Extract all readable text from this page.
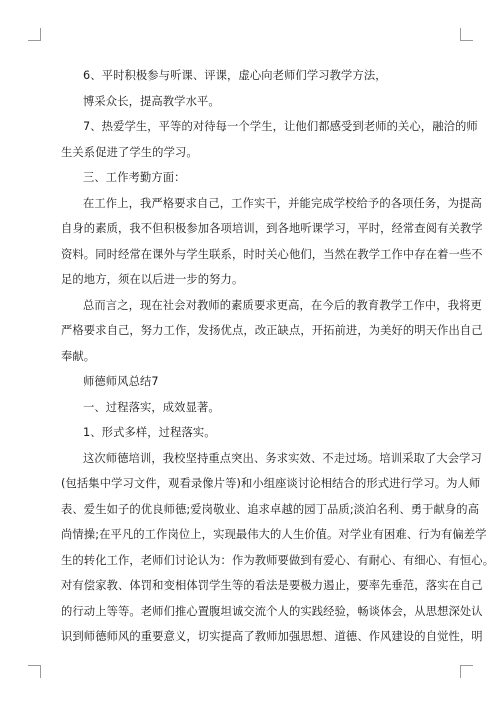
6、平时积极参与听课、评课，虚心向老师们学习教学方法，

博采众长，提高教学水平。

7、热爱学生，平等的对待每一个学生，让他们都感受到老师的关心，融洽的师
生关系促进了学生的学习。

三、工作考勤方面：

在工作上，我严格要求自己，工作实干，并能完成学校给予的各项任务，为提高
自身的素质，我不但积极参加各项培训，到各地听课学习，平时，经常查阅有关教学
资料。同时经常在课外与学生联系，时时关心他们，当然在教学工作中存在着一些不
足的地方，须在以后进一步的努力。

总而言之，现在社会对教师的素质要求更高，在今后的教育教学工作中，我将更
严格要求自己，努力工作，发扬优点，改正缺点，开拓前进，为美好的明天作出自己
奉献。

师德师风总结7

一、过程落实，成效显著。

1、形式多样，过程落实。

这次师德培训，我校坚持重点突出、务求实效、不走过场。培训采取了大会学习
(包括集中学习文件，观看录像片等)和小组座谈讨论相结合的形式进行学习。为人师
表、爱生如子的优良师德;爱岗敬业、追求卓越的园丁品质;淡泊名利、勇于献身的高
尚情操;在平凡的工作岗位上，实现最伟大的人生价值。对学业有困难、行为有偏差学
生的转化工作，老师们讨论认为：作为教师要做到有爱心、有耐心、有细心、有恒心。
对有偿家教、体罚和变相体罚学生等的看法是要极力遏止，要率先垂范，落实在自己
的行动上等等。老师们推心置腹坦诚交流个人的实践经验，畅谈体会，从思想深处认
识到师德师风的重要意义，切实提高了教师加强思想、道德、作风建设的自觉性，明
